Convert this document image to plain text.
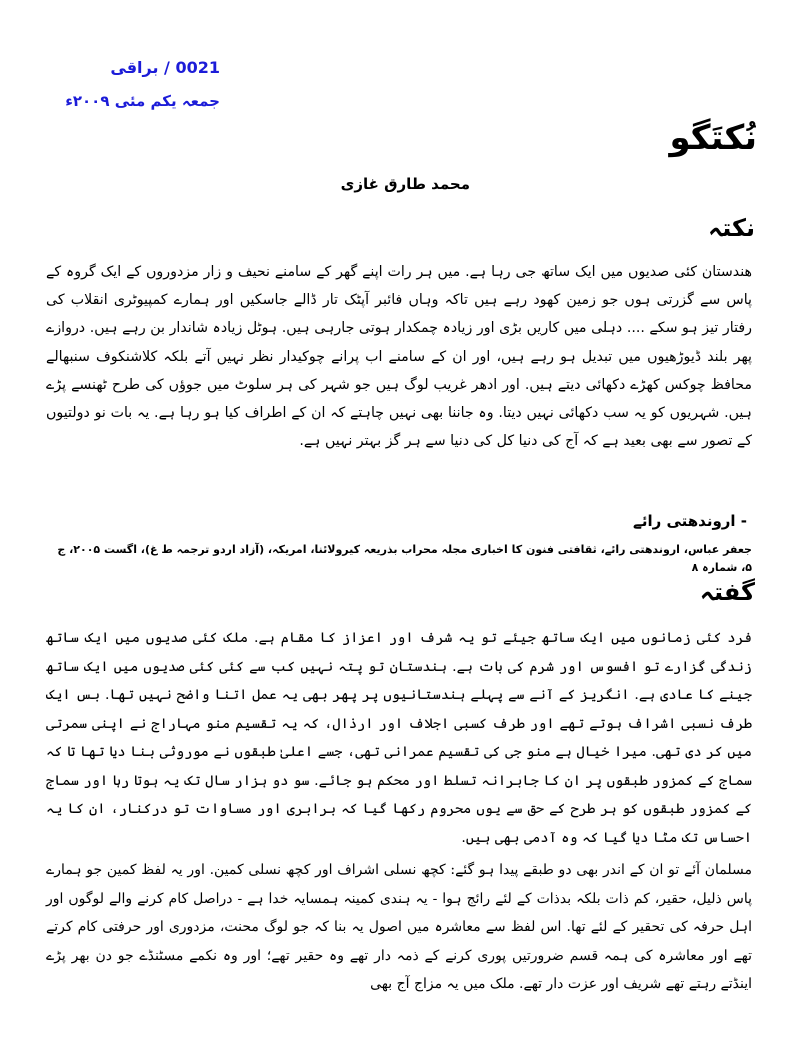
0021 / براقی
جمعہ یکم مئی ۲۰۰۹ء
نُکتَگو
محمد طارق غازی
نکتہ
ھندستان کئی صدیوں میں ایک ساتھ جی رہا ہے. میں ہر رات اپنے گھر کے سامنے نحیف و زار مزدوروں کے ایک گروہ کے پاس سے گزرتی ہوں جو زمین کھود رہے ہیں تاکہ وہاں فائبر آپٹک تار ڈالے جاسکیں اور ہمارے کمپیوٹری انقلاب کی رفتار تیز ہو سکے .... دہلی میں کاریں بڑی اور زیادہ چمکدار ہوتی جارہی ہیں. ہوٹل زیادہ شاندار بن رہے ہیں. دروازے پھر بلند ڈیوڑھیوں میں تبدیل ہو رہے ہیں، اور ان کے سامنے اب پرانے چوکیدار نظر نہیں آتے بلکہ کلاشنکوف سنبھالے محافظ چوکس کھڑے دکھائی دیتے ہیں. اور ادھر غریب لوگ ہیں جو شہر کی ہر سلوٹ میں جوؤں کی طرح ٹھنسے پڑے ہیں. شہریوں کو یہ سب دکھائی نہیں دیتا. وہ جاننا بھی نہیں چاہتے کہ ان کے اطراف کیا ہو رہا ہے. یہ بات نو دولتیوں کے تصور سے بھی بعید ہے کہ آج کی دنیا کل کی دنیا سے ہر گز بہتر نہیں ہے.
- اروندھتی رائے
جعفر عباس، اروندھتی رائے، ثقافتی فنون کا اخباری مجلہ محراب بذریعہ کیرولائنا، امریکہ، (آزاد اردو ترجمہ ط غ)، اگست ۲۰۰۵، ج ۵، شمارہ ۸
گفتہ
فرد کئی زمانوں میں ایک ساتھ جیئے تو یہ شرف اور اعزاز کا مقام ہے. ملک کئی صدیوں میں ایک ساتھ زندگی گزارے تو افسوس اور شرم کی بات ہے. ہندستان تو پتہ نہیں کب سے کئی کئی صدیوں میں ایک ساتھ جینے کا عادی ہے. انگریز کے آنے سے پہلے ہندستانیوں پر پھر بھی یہ عمل اتنا واضح نہیں تھا. بس ایک طرف نسبی اشراف ہوتے تھے اور طرف کسبی اجلاف اور ارذال، کہ یہ تقسیم منو مہاراج نے اپنی سمرتی میں کر دی تھی. میرا خیال ہے منو جی کی تقسیم عمرانی تھی، جسے اعلیٰ طبقوں نے موروثی بنا دیا تھا تا کہ سماج کے کمزور طبقوں پر ان کا جابرانہ تسلط اور محکم ہو جائے. سو دو ہزار سال تک یہ ہوتا رہا اور سماج کے کمزور طبقوں کو ہر طرح کے حق سے یوں محروم رکھا گیا کہ برابری اور مساوات تو درکنار، ان کا یہ احساس تک مٹا دیا گیا کہ وہ آدمی بھی ہیں.
مسلمان آئے تو ان کے اندر بھی دو طبقے پیدا ہو گئے: کچھ نسلی اشراف اور کچھ نسلی کمین. اور یہ لفظ کمین جو ہمارے پاس ذلیل، حقیر، کم ذات بلکہ بدذات کے لئے رائج ہوا - یہ ہندی کمینہ ہمسایہ خدا ہے - دراصل کام کرنے والے لوگوں اور اہل حرفہ کی تحقیر کے لئے تھا. اس لفظ سے معاشرہ میں اصول یہ بنا کہ جو لوگ محنت، مزدوری اور حرفتی کام کرتے تھے اور معاشرہ کی ہمہ قسم ضرورتیں پوری کرنے کے ذمہ دار تھے وہ حقیر تھے؛ اور وہ نکمے مسٹنڈے جو دن بھر پڑے اینڈتے رہتے تھے شریف اور عزت دار تھے. ملک میں یہ مزاج آج بھی
